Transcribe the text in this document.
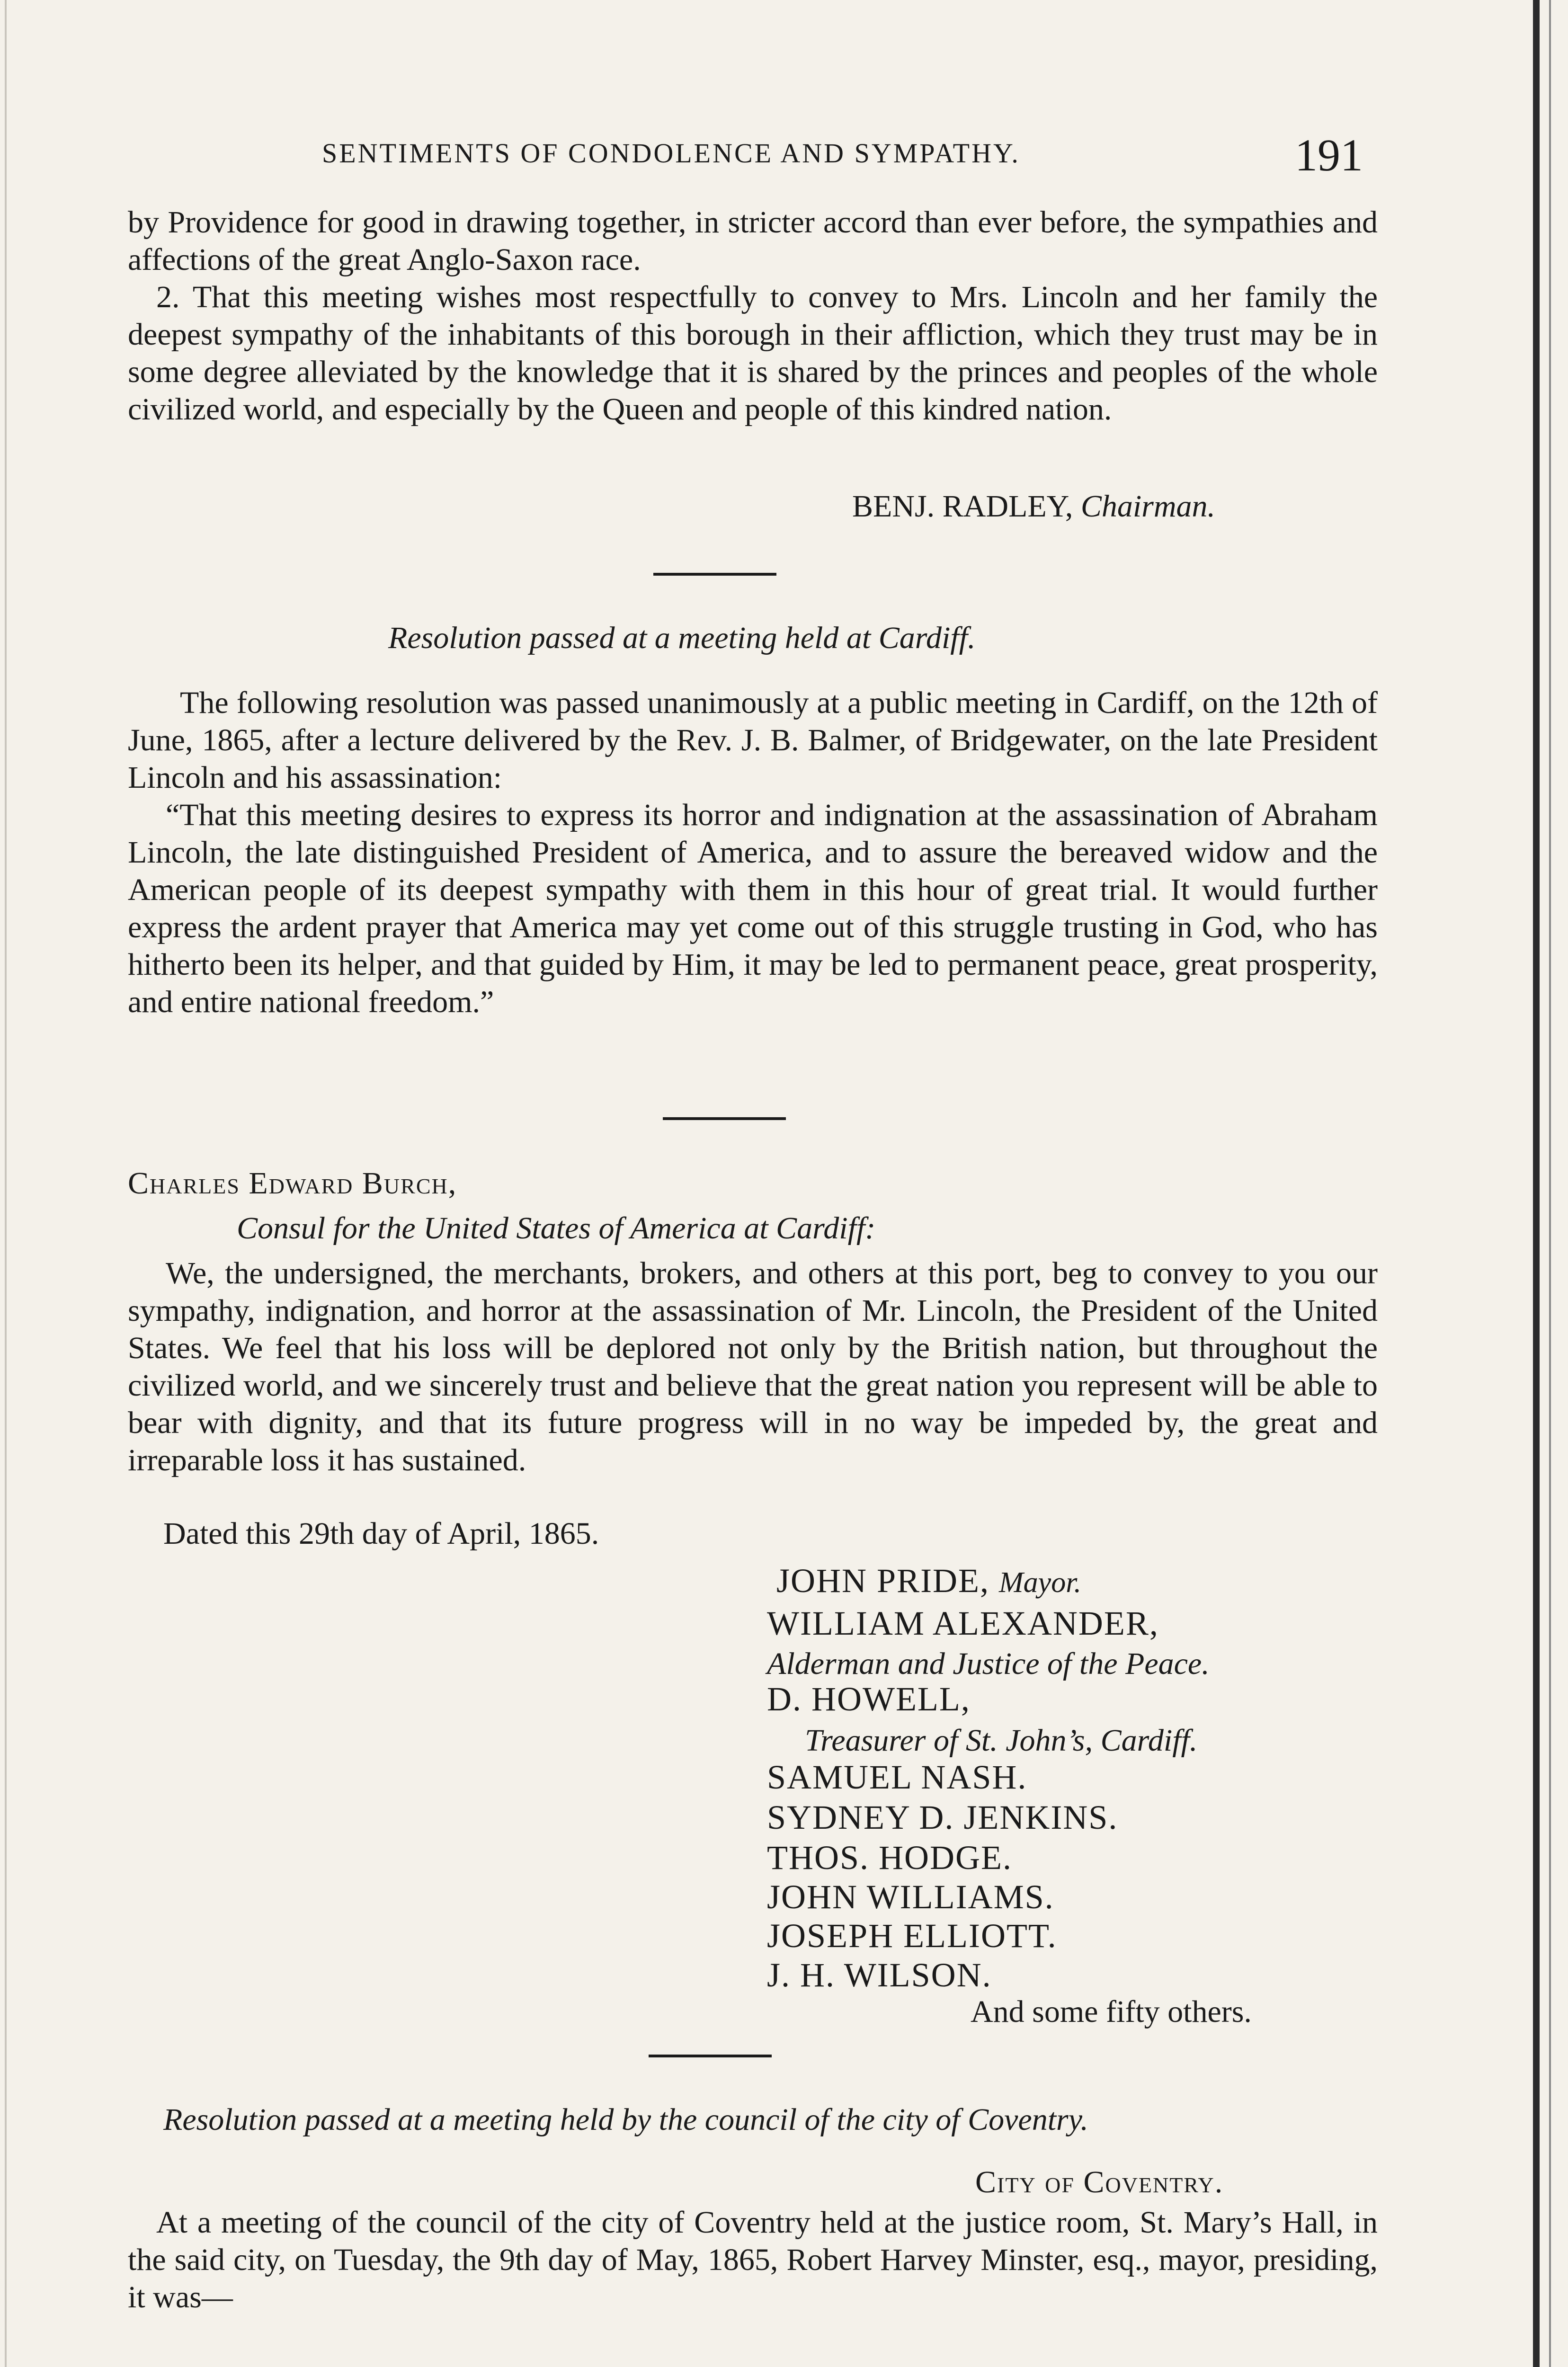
SENTIMENTS OF CONDOLENCE AND SYMPATHY.	191

by Providence for good in drawing together, in stricter accord than ever before, the sympathies and affections of the great Anglo-Saxon race.

2. That this meeting wishes most respectfully to convey to Mrs. Lincoln and her family the deepest sympathy of the inhabitants of this borough in their affliction, which they trust may be in some degree alleviated by the knowledge that it is shared by the princes and peoples of the whole civilized world, and especially by the Queen and people of this kindred nation.

BENJ. RADLEY, Chairman.
Resolution passed at a meeting held at Cardiff.

The following resolution was passed unanimously at a public meeting in Cardiff, on the 12th of June, 1865, after a lecture delivered by the Rev. J. B. Balmer, of Bridgewater, on the late President Lincoln and his assassination:

“That this meeting desires to express its horror and indignation at the assassination of Abraham Lincoln, the late distinguished President of America, and to assure the bereaved widow and the American people of its deepest sympathy with them in this hour of great trial. It would further express the ardent prayer that America may yet come out of this struggle trusting in God, who has hitherto been its helper, and that guided by Him, it may be led to permanent peace, great prosperity, and entire national freedom.”

Charles Edward Burch,
Consul for the United States of America at Cardiff:

We, the undersigned, the merchants, brokers, and others at this port, beg to convey to you our sympathy, indignation, and horror at the assassination of Mr. Lincoln, the President of the United States. We feel that his loss will be deplored not only by the British nation, but throughout the civilized world, and we sincerely trust and believe that the great nation you represent will be able to bear with dignity, and that its future progress will in no way be impeded by, the great and irreparable loss it has sustained.

Dated this 29th day of April, 1865.
JOHN PRIDE, Mayor.
WILLIAM ALEXANDER,
Alderman and Justice of the Peace.
D. HOWELL,
Treasurer of St. John’s, Cardiff.
SAMUEL NASH.
SYDNEY D. JENKINS.
THOS. HODGE.
JOHN WILLIAMS.
JOSEPH ELLIOTT.
J. H. WILSON.
And some fifty others.
Resolution passed at a meeting held by the council of the city of Coventry.
City of Coventry.

At a meeting of the council of the city of Coventry held at the justice room, St. Mary’s Hall, in the said city, on Tuesday, the 9th day of May, 1865, Robert Harvey Minster, esq., mayor, presiding, it was—
